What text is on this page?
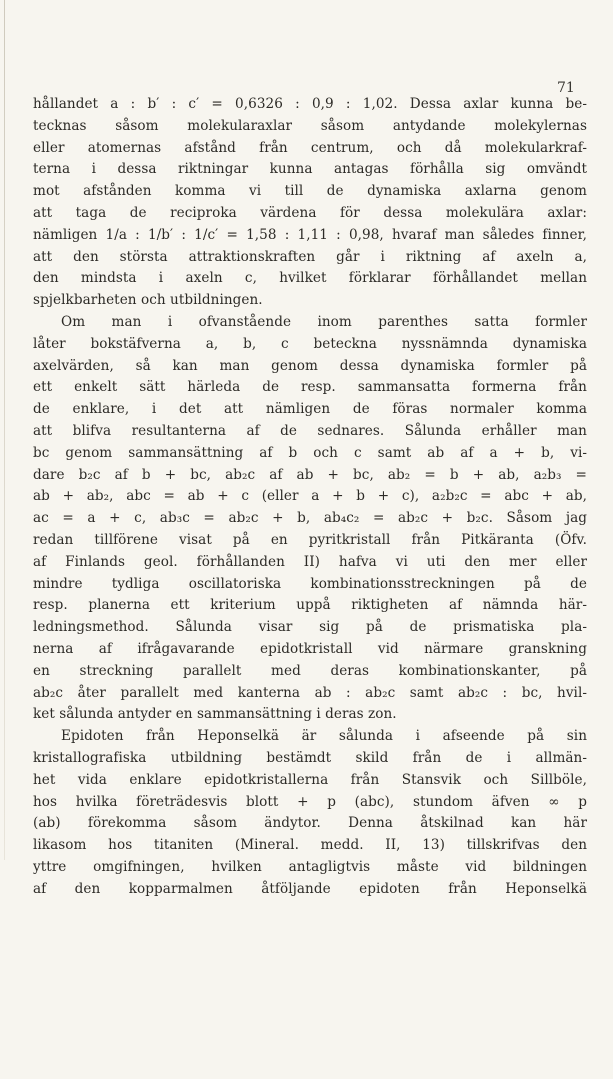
71
hållandet a : b′ : c′ = 0,6326 : 0,9 : 1,02. Dessa axlar kunna be-
tecknas såsom molekularaxlar såsom antydande molekylernas
eller atomernas afstånd från centrum, och då molekularkraf-
terna i dessa riktningar kunna antagas förhålla sig omvändt
mot afstånden komma vi till de dynamiska axlarna genom
att taga de reciproka värdena för dessa molekulära axlar:
nämligen 1/a : 1/b′ : 1/c′ = 1,58 : 1,11 : 0,98, hvaraf man således finner,
att den största attraktionskraften går i riktning af axeln a,
den mindsta i axeln c, hvilket förklarar förhållandet mellan
spjelkbarheten och utbildningen.
Om man i ofvanstående inom parenthes satta formler
låter bokstäfverna a, b, c beteckna nyssnämnda dynamiska
axelvärden, så kan man genom dessa dynamiska formler på
ett enkelt sätt härleda de resp. sammansatta formerna från
de enklare, i det att nämligen de föras normaler komma
att blifva resultanterna af de sednares. Sålunda erhåller man
bc genom sammansättning af b och c samt ab af a + b, vi-
dare b₂c af b + bc, ab₂c af ab + bc, ab₂ = b + ab, a₂b₃ =
ab + ab₂, abc = ab + c (eller a + b + c), a₂b₂c = abc + ab,
ac = a + c, ab₃c = ab₂c + b, ab₄c₂ = ab₂c + b₂c. Såsom jag
redan tillförene visat på en pyritkristall från Pitkäranta (Öfv.
af Finlands geol. förhållanden II) hafva vi uti den mer eller
mindre tydliga oscillatoriska kombinationsstreckningen på de
resp. planerna ett kriterium uppå riktigheten af nämnda här-
ledningsmethod. Sålunda visar sig på de prismatiska pla-
nerna af ifrågavarande epidotkristall vid närmare granskning
en streckning parallelt med deras kombinationskanter, på
ab₂c åter parallelt med kanterna ab : ab₂c samt ab₂c : bc, hvil-
ket sålunda antyder en sammansättning i deras zon.
Epidoten från Heponselkä är sålunda i afseende på sin
kristallografiska utbildning bestämdt skild från de i allmän-
het vida enklare epidotkristallerna från Stansvik och Sillböle,
hos hvilka företrädesvis blott + p (abc), stundom äfven ∞ p
(ab) förekomma såsom ändytor. Denna åtskilnad kan här
likasom hos titaniten (Mineral. medd. II, 13) tillskrifvas den
yttre omgifningen, hvilken antagligtvis måste vid bildningen
af den kopparmalmen åtföljande epidoten från Heponselkä
